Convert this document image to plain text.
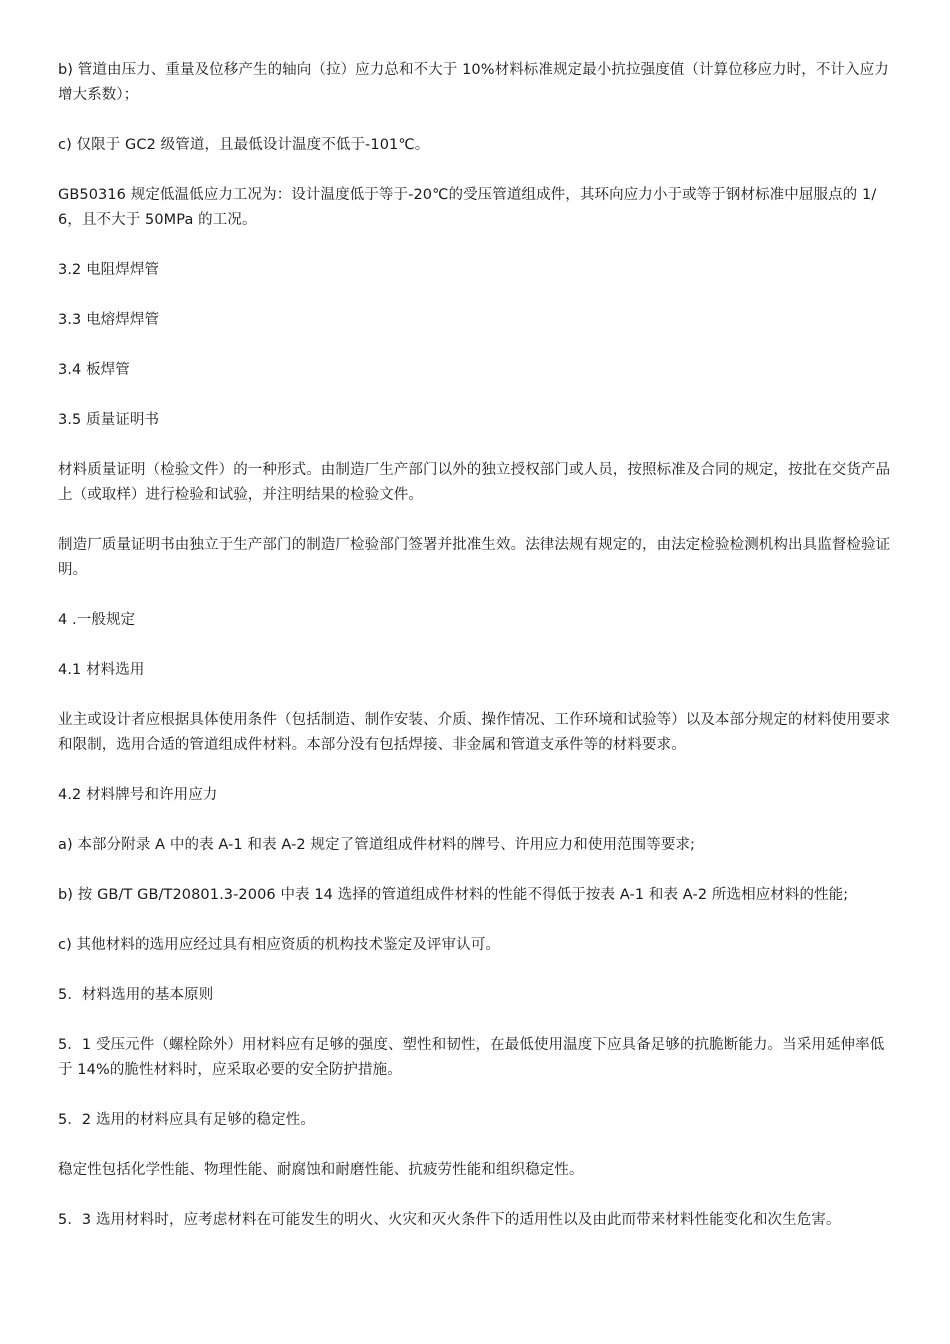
b) 管道由压力、重量及位移产生的轴向（拉）应力总和不大于 10%材料标准规定最小抗拉强度值（计算位移应力时，不计入应力增大系数）；

c) 仅限于 GC2 级管道，且最低设计温度不低于-101℃。

GB50316 规定低温低应力工况为：设计温度低于等于-20℃的受压管道组成件，其环向应力小于或等于钢材标准中屈服点的 1/6，且不大于 50MPa 的工况。

3.2 电阻焊焊管

3.3 电熔焊焊管

3.4 板焊管

3.5 质量证明书

材料质量证明（检验文件）的一种形式。由制造厂生产部门以外的独立授权部门或人员，按照标准及合同的规定，按批在交货产品上（或取样）进行检验和试验，并注明结果的检验文件。

制造厂质量证明书由独立于生产部门的制造厂检验部门签署并批准生效。法律法规有规定的，由法定检验检测机构出具监督检验证明。

4 .一般规定

4.1 材料选用

业主或设计者应根据具体使用条件（包括制造、制作安装、介质、操作情况、工作环境和试验等）以及本部分规定的材料使用要求和限制，选用合适的管道组成件材料。本部分没有包括焊接、非金属和管道支承件等的材料要求。

4.2 材料牌号和许用应力

a) 本部分附录 A 中的表 A-1 和表 A-2 规定了管道组成件材料的牌号、许用应力和使用范围等要求;

b) 按 GB/T GB/T20801.3-2006 中表 14 选择的管道组成件材料的性能不得低于按表 A-1 和表 A-2 所选相应材料的性能;

c) 其他材料的选用应经过具有相应资质的机构技术鉴定及评审认可。

5．材料选用的基本原则

5．1 受压元件（螺栓除外）用材料应有足够的强度、塑性和韧性，在最低使用温度下应具备足够的抗脆断能力。当采用延伸率低于 14%的脆性材料时，应采取必要的安全防护措施。

5．2 选用的材料应具有足够的稳定性。

稳定性包括化学性能、物理性能、耐腐蚀和耐磨性能、抗疲劳性能和组织稳定性。

5．3 选用材料时，应考虑材料在可能发生的明火、火灾和灭火条件下的适用性以及由此而带来材料性能变化和次生危害。
